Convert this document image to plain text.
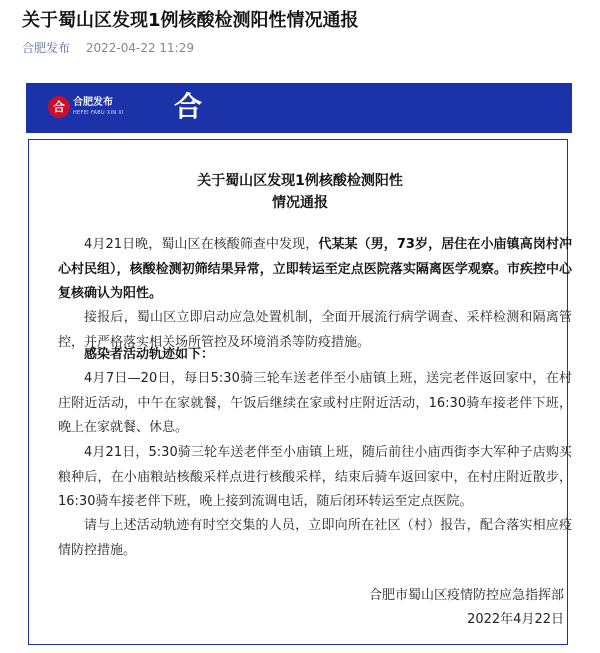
关于蜀山区发现1例核酸检测阳性情况通报
合肥发布 2022-04-22 11:29
合 合肥发布
HEFEI FABU XIN XI 合
关于蜀山区发现1例核酸检测阳性
情况通报

4月21日晚，蜀山区在核酸筛查中发现，代某某（男，73岁，居住在小庙镇高岗村冲心村民组），核酸检测初筛结果异常，立即转运至定点医院落实隔离医学观察。市疾控中心复核确认为阳性。

接报后，蜀山区立即启动应急处置机制，全面开展流行病学调查、采样检测和隔离管控，并严格落实相关场所管控及环境消杀等防疫措施。

感染者活动轨迹如下：

4月7日—20日，每日5:30骑三轮车送老伴至小庙镇上班，送完老伴返回家中，在村庄附近活动，中午在家就餐，午饭后继续在家或村庄附近活动，16:30骑车接老伴下班，晚上在家就餐、休息。

4月21日，5:30骑三轮车送老伴至小庙镇上班，随后前往小庙西街李大军种子店购买粮种后，在小庙粮站核酸采样点进行核酸采样，结束后骑车返回家中，在村庄附近散步，16:30骑车接老伴下班，晚上接到流调电话，随后闭环转运至定点医院。

请与上述活动轨迹有时空交集的人员，立即向所在社区（村）报告，配合落实相应疫情防控措施。

合肥市蜀山区疫情防控应急指挥部
2022年4月22日
